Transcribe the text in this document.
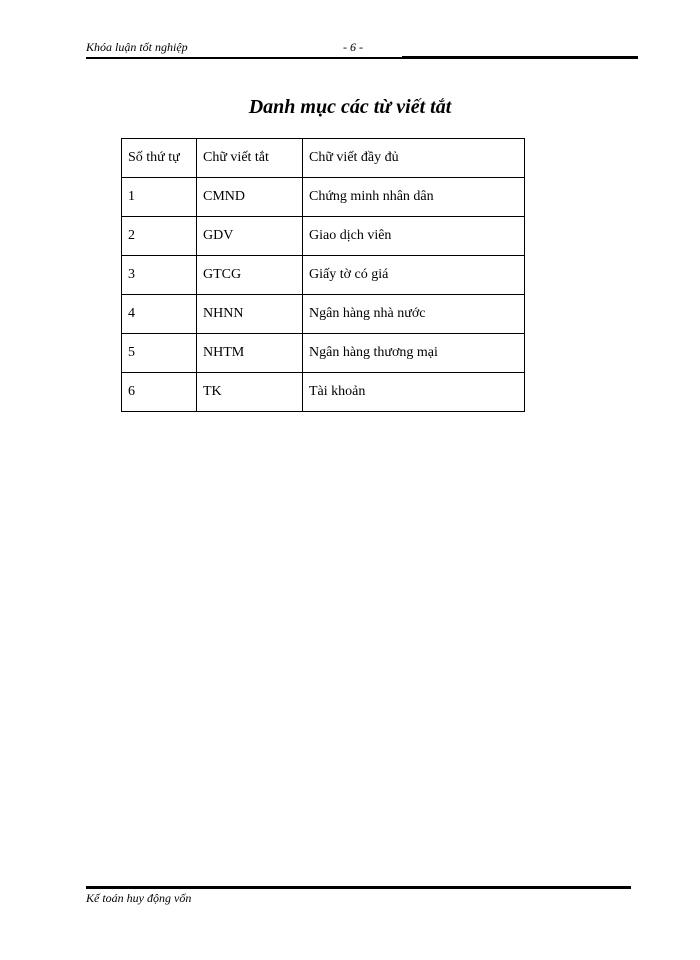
Khóa luận tốt nghiệp	- 6 -
Danh mục các từ viết tắt
Số thứ tự	Chữ viết tắt	Chữ viết đầy đủ
1	CMND	Chứng minh nhân dân
2	GDV	Giao dịch viên
3	GTCG	Giấy tờ có giá
4	NHNN	Ngân hàng nhà nước
5	NHTM	Ngân hàng thương mại
6	TK	Tài khoản
Kế toán huy động vốn
